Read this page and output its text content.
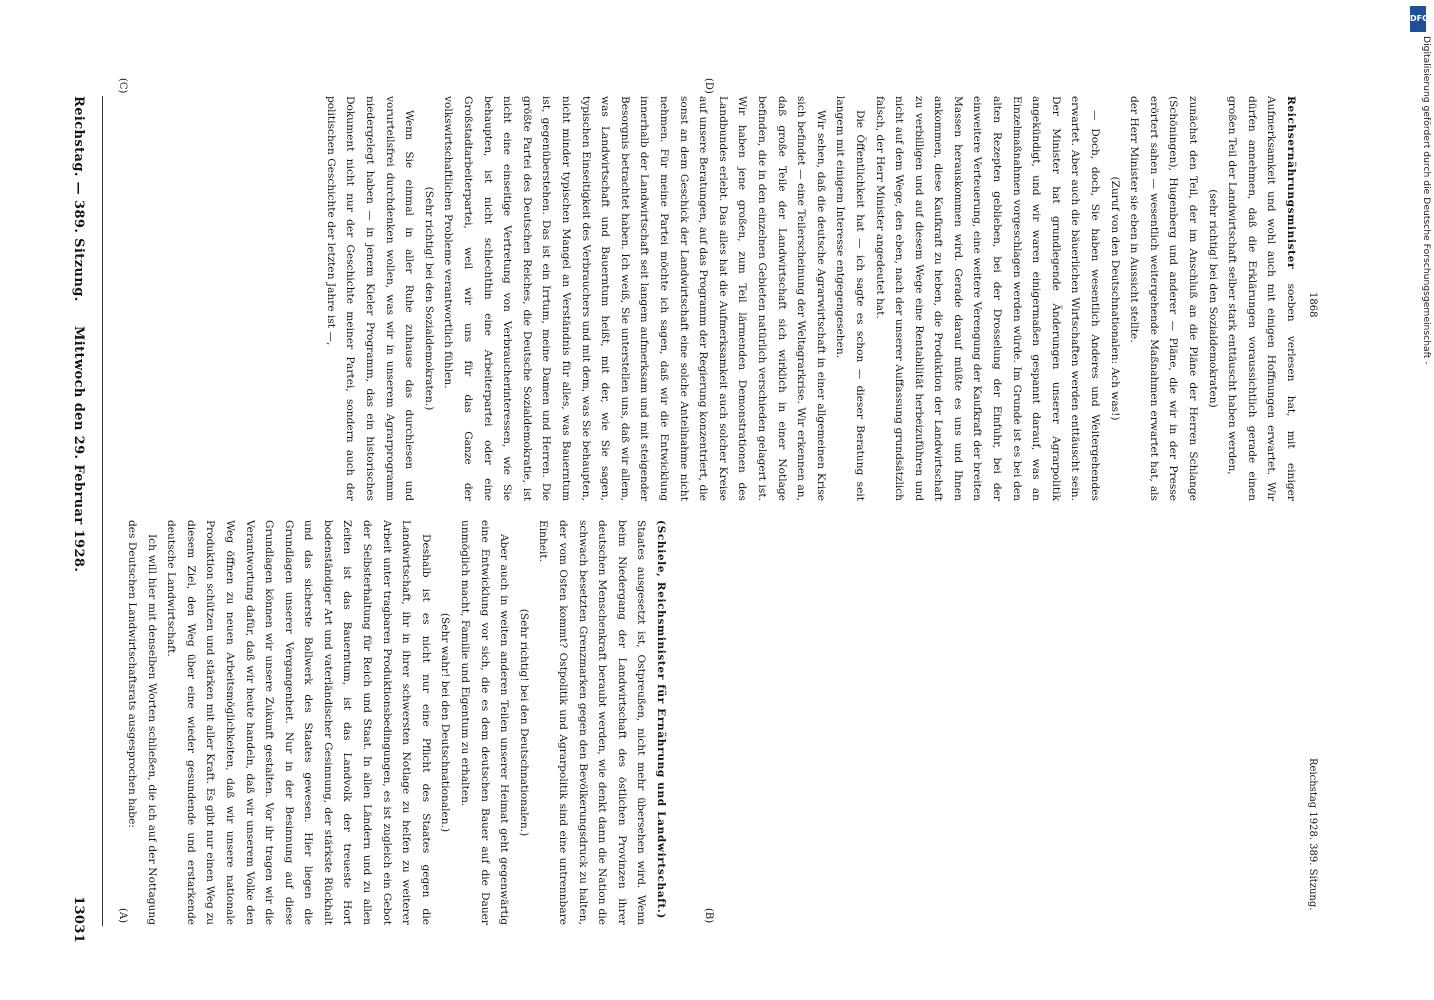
Reichstag. — 389. Sitzung.
Mittwoch den 29. Februar 1928.
13031	(A)	(B)
(C)	(D)

(Schiele, Reichsminister für Ernährung und Landwirtschaft.)

Staates ausgesetzt ist, Ostpreußen, nicht mehr übersehen wird. Wenn beim Niedergang der Landwirtschaft des östlichen Provinzen ihrer deutschen Menschenkraft beraubt werden, wie denkt dann die Nation die schwach besetzten Grenzmarken gegen den Bevölkerungsdruck zu halten, der vom Osten kommt? Ostpolitik und Agrarpolitik sind eine untrennbare Einheit.

(Sehr richtig! bei den Deutschnationalen.)

Aber auch in weiten anderen Teilen unserer Heimat geht gegenwärtig eine Entwicklung vor sich, die es dem deutschen Bauer auf die Dauer unmöglich macht, Familie und Eigentum zu erhalten.

(Sehr wahr! bei den Deutschnationalen.)

Deshalb ist es nicht nur eine Pflicht des Staates gegen die Landwirtschaft, ihr in ihrer schwersten Notlage zu helfen zu weiterer Arbeit unter tragbaren Produktionsbedingungen, es ist zugleich ein Gebot der Selbsterhaltung für Reich und Staat. In allen Ländern und zu allen Zeiten ist das Bauerntum, ist das Landvolk der treueste Hort bodenständiger Art und vaterländischer Gesinnung, der stärkste Rückhalt und das sicherste Bollwerk des Staates gewesen. Hier liegen die Grundlagen unserer Vergangenheit. Nur in der Besinnung auf diese Grundlagen können wir unsere Zukunft gestalten. Vor ihr tragen wir die Verantwortung dafür, daß wir heute handeln, daß wir unserem Volke den Weg öffnen zu neuen Arbeitsmöglichkeiten, daß wir unsere nationale Produktion schützen und stärken mit aller Kraft. Es gibt nur einen Weg zu diesem Ziel, den Weg über eine wieder gesundende und erstarkende deutsche Landwirtschaft.

Ich will hier mit denselben Worten schließen, die ich auf der Nottagung des Deutschen Landwirtschaftsrats ausgesprochen habe:

Reichsernährungsminister soeben verlesen hat, mit einiger Aufmerksamkeit und wohl auch mit einigen Hoffnungen erwartet. Wir dürfen annehmen, daß die Erklärungen voraussichtlich gerade einen großen Teil der Landwirtschaft selber stark enttäuscht haben werden,

(sehr richtig! bei den Sozialdemokraten)

zunächst den Teil, der im Anschluß an die Pläne der Herren Schlange (Schöningen), Hugenberg und anderer — Pläne, die wir in der Presse erörtert sahen — wesentlich weitergehende Maßnahmen erwartet hat, als der Herr Minister sie eben in Aussicht stellte.

(Zuruf von den Deutschnationalen: Ach was!)

— Doch, doch, Sie haben wesentlich Anderes und Weitergehendes erwartet. Aber auch die bäuerlichen Wirtschaften werden enttäuscht sein. Der Minister hat grundlegende Änderungen unserer Agrarpolitik angekündigt, und wir waren einigermaßen gespannt darauf, was an Einzelmaßnahmen vorgeschlagen werden würde. Im Grunde ist es bei den alten Rezepten geblieben, bei der Drosselung der Einfuhr, bei der einweitere Verteuerung, eine weitere Verengung der Kaufkraft der breiten Massen herauskommen wird. Gerade darauf müßte es uns und Ihnen ankommen, diese Kaufkraft zu heben, die Produktion der Landwirtschaft zu verbilligen und auf diesem Wege eine Rentabilität herbeizuführen und nicht auf dem Wege, den eben, nach der unserer Auffassung grundsätzlich falsch, der Herr Minister angedeutet hat.

Die Öffentlichkeit hat — ich sagte es schon — dieser Beratung seit langem mit einigem Interesse entgegengesehen.

Wir sehen, daß die deutsche Agrarwirtschaft in einer allgemeinen Krise sich befindet — eine Teilerscheinung der Weltagrarkrise. Wir erkennen an, daß große Teile der Landwirtschaft sich wirklich in einer Notlage befinden, die in den einzelnen Gebieten natürlich verschieden gelagert ist. Wir haben jene großen, zum Teil lärmenden Demonstrationen des Landbundes erlebt. Das alles hat die Aufmerksamkeit auch solcher Kreise auf unsere Beratungen, auf das Programm der Regierung konzentriert, die sonst an dem Geschick der Landwirtschaft eine solche Anteilnahme nicht nehmen. Für meine Partei möchte ich sagen, daß wir die Entwicklung innerhalb der Landwirtschaft seit langem aufmerksam und mit steigender Besorgnis betrachtet haben. Ich weiß, Sie unterstellen uns, daß wir allem, was Landwirtschaft und Bauerntum heißt, mit der, wie Sie sagen, typischen Einseitigkeit des Verbrauchers und mit dem, was Sie behaupten, nicht minder typischen Mangel an Verständnis für alles, was Bauerntum ist, gegenüberstehen. Das ist ein Irrtum, meine Damen und Herren. Die größte Partei des Deutschen Reiches, die Deutsche Sozialdemokratie, ist nicht eine einseitige Vertretung von Verbraucherinteressen, wie Sie behaupten, ist nicht schlechthin eine Arbeiterpartei oder eine Großstadtarbeiterpartei, weil wir uns für das Ganze der volkswirtschaftlichen Probleme verantwortlich fühlen.

(Sehr richtig! bei den Sozialdemokraten.)

Wenn Sie einmal in aller Ruhe zuhause das durchlesen und vorurteilsfrei durchdenken wollen, was wir in unserem Agrarprogramm niedergelegt haben — in jenem Kieler Programm, das ein historisches Dokument nicht nur der Geschichte meiner Partei, sondern auch der politischen Geschichte der letzten Jahre ist —,

Reichstag 1928. 389. Sitzung.
1868
DFG
Digitalisierung gefördert durch die Deutsche Forschungsgemeinschaft -
